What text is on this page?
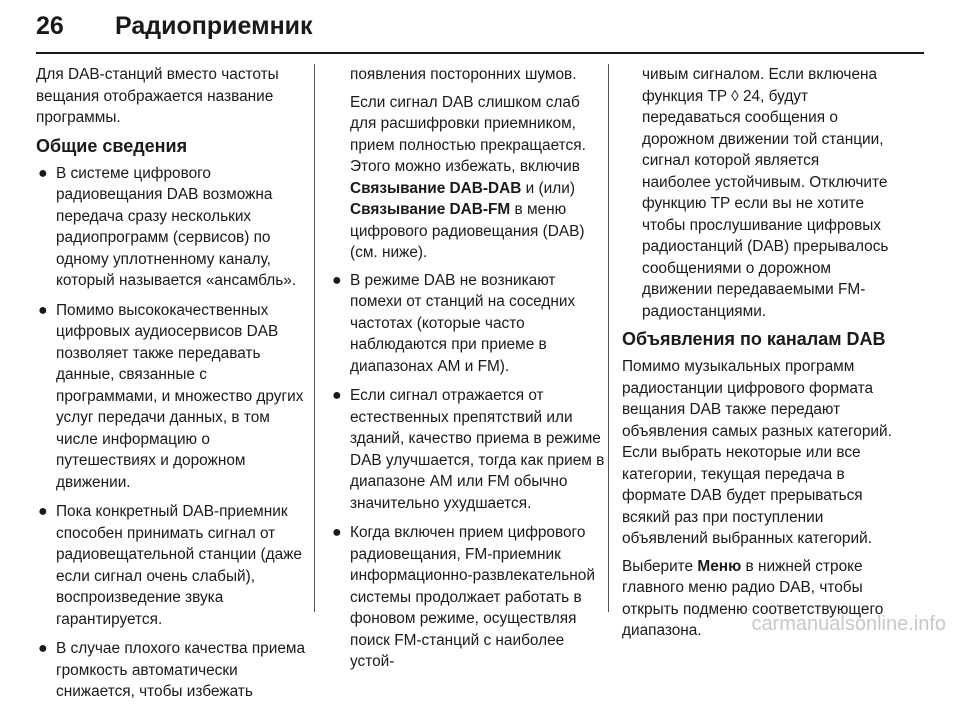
26 Радиоприемник

Для DAB-станций вместо частоты вещания отображается название программы.

Общие сведения
● В системе цифрового радиовещания DAB возможна передача сразу нескольких радиопрограмм (сервисов) по одному уплотненному каналу, который называется «ансамбль».
● Помимо высококачественных цифровых аудиосервисов DAB позволяет также передавать данные, связанные с программами, и множество других услуг передачи данных, в том числе информацию о путешествиях и дорожном движении.
● Пока конкретный DAB-приемник способен принимать сигнал от радиовещательной станции (даже если сигнал очень слабый), воспроизведение звука гарантируется.
● В случае плохого качества приема громкость автоматически снижается, чтобы избежать

появления посторонних шумов.

Если сигнал DAB слишком слаб для расшифровки приемником, прием полностью прекращается. Этого можно избежать, включив Связывание DAB-DAB и (или) Связывание DAB-FM в меню цифрового радиовещания (DAB) (см. ниже).

● В режиме DAB не возникают помехи от станций на соседних частотах (которые часто наблюдаются при приеме в диапазонах AM и FM).
● Если сигнал отражается от естественных препятствий или зданий, качество приема в режиме DAB улучшается, тогда как прием в диапазоне AM или FM обычно значительно ухудшается.
● Когда включен прием цифрового радиовещания, FM-приемник информационно-развлекательной системы продолжает работать в фоновом режиме, осуществляя поиск FM-станций с наиболее устой-

чивым сигналом. Если включена функция TP ◊ 24, будут передаваться сообщения о дорожном движении той станции, сигнал которой является наиболее устойчивым. Отключите функцию TP если вы не хотите чтобы прослушивание цифровых радиостанций (DAB) прерывалось сообщениями о дорожном движении передаваемыми FM-радиостанциями.

Объявления по каналам DAB

Помимо музыкальных программ радиостанции цифрового формата вещания DAB также передают объявления самых разных категорий. Если выбрать некоторые или все категории, текущая передача в формате DAB будет прерываться всякий раз при поступлении объявлений выбранных категорий.

Выберите Меню в нижней строке главного меню радио DAB, чтобы открыть подменю соответствующего диапазона.	carmanualsonline.info
